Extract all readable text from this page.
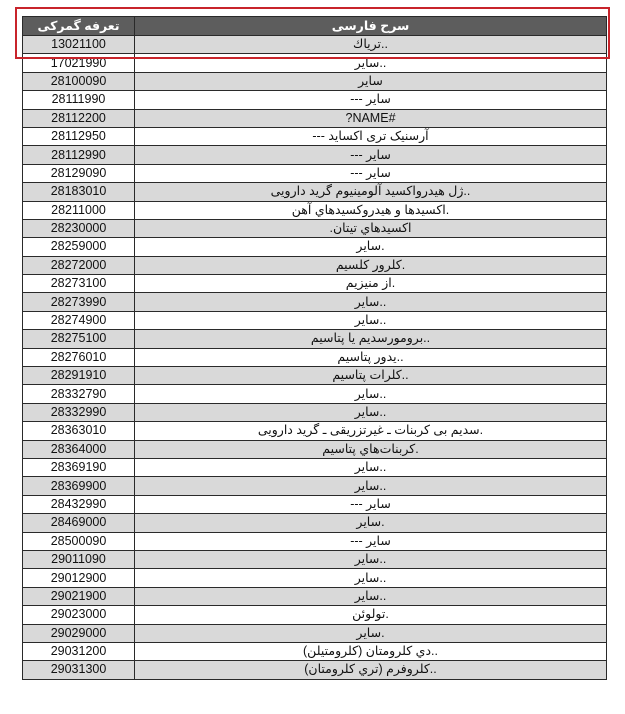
تعرفه گمرکی	سرح فارسی
13021100	..ترياك
17021990	..ساير
28100090	ساير
28111990	ساير ---
28112200	#NAME?
28112950	آرسنيک تری اکسايد ---
28112990	ساير ---
28129090	ساير ---
28183010	..ژل هيدرواکسيد آلومينيوم گريد دارويی
28211000	.اکسيدها و هيدروکسيدهاي آهن
28230000	اکسيدهاي تيتان.
28259000	.ساير
28272000	.کلرور کلسيم
28273100	.از منيزيم
28273990	..ساير
28274900	..ساير
28275100	..برومورسديم يا پتاسيم
28276010	..يدور پتاسيم
28291910	..کلرات پتاسيم
28332790	..ساير
28332990	..ساير
28363010	.سديم بی کربنات ـ غيرتزريقی ـ گريد دارويی
28364000	.کربنات‌هاي پتاسيم
28369190	..ساير
28369900	..ساير
28432990	ساير ---
28469000	.ساير
28500090	ساير ---
29011090	..ساير
29012900	..ساير
29021900	..ساير
29023000	.تولوئن
29029000	.ساير
29031200	..دي کلرومتان (کلرومتيلن)
29031300	..کلروفرم (تري کلرومتان)
